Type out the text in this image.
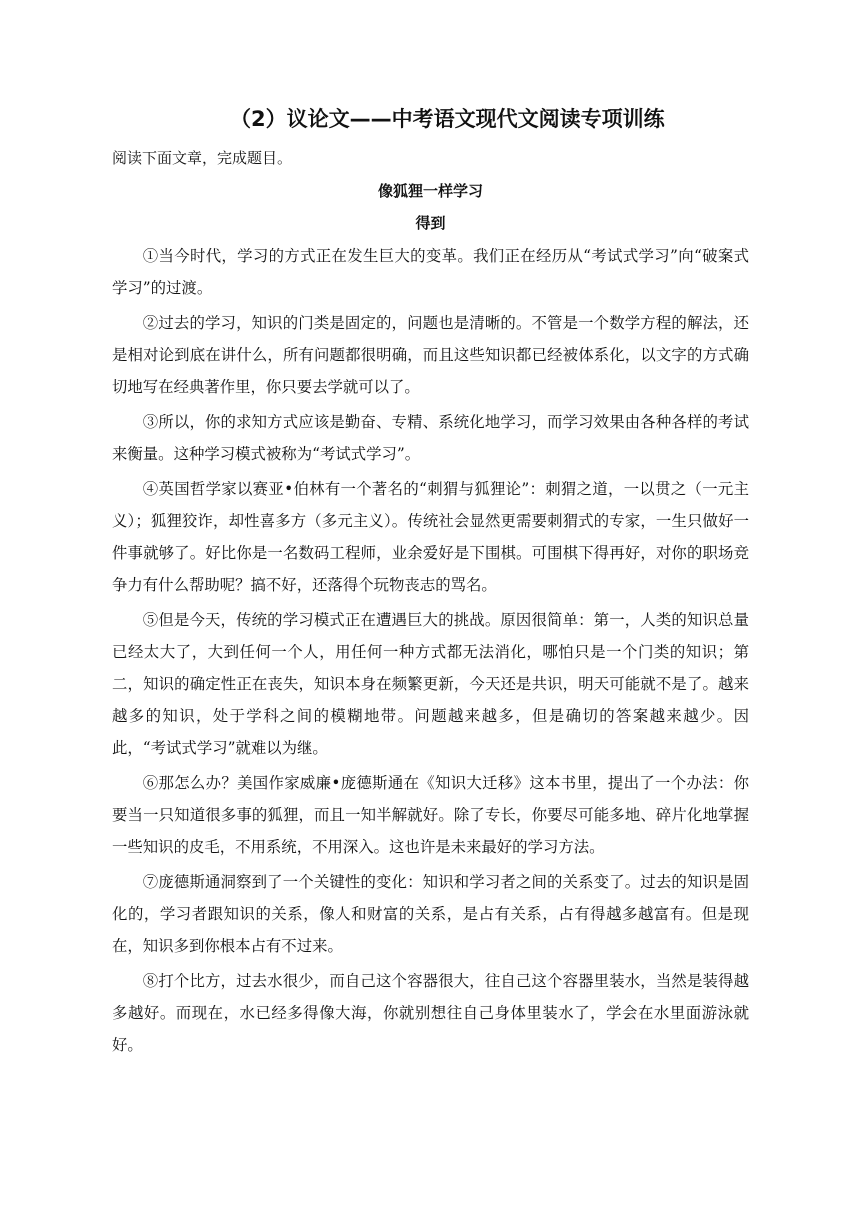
（2）议论文——中考语文现代文阅读专项训练
阅读下面文章，完成题目。
像狐狸一样学习
得到

①当今时代，学习的方式正在发生巨大的变革。我们正在经历从“考试式学习”向“破案式学习”的过渡。

②过去的学习，知识的门类是固定的，问题也是清晰的。不管是一个数学方程的解法，还是相对论到底在讲什么，所有问题都很明确，而且这些知识都已经被体系化，以文字的方式确切地写在经典著作里，你只要去学就可以了。

③所以，你的求知方式应该是勤奋、专精、系统化地学习，而学习效果由各种各样的考试来衡量。这种学习模式被称为“考试式学习”。

④英国哲学家以赛亚•伯林有一个著名的“刺猬与狐狸论”：刺猬之道，一以贯之（一元主义）；狐狸狡诈，却性喜多方（多元主义）。传统社会显然更需要刺猬式的专家，一生只做好一件事就够了。好比你是一名数码工程师，业余爱好是下围棋。可围棋下得再好，对你的职场竞争力有什么帮助呢？搞不好，还落得个玩物丧志的骂名。

⑤但是今天，传统的学习模式正在遭遇巨大的挑战。原因很简单：第一，人类的知识总量已经太大了，大到任何一个人，用任何一种方式都无法消化，哪怕只是一个门类的知识；第二，知识的确定性正在丧失，知识本身在频繁更新，今天还是共识，明天可能就不是了。越来越多的知识，处于学科之间的模糊地带。问题越来越多，但是确切的答案越来越少。因此，“考试式学习”就难以为继。

⑥那怎么办？美国作家威廉•庞德斯通在《知识大迁移》这本书里，提出了一个办法：你要当一只知道很多事的狐狸，而且一知半解就好。除了专长，你要尽可能多地、碎片化地掌握一些知识的皮毛，不用系统，不用深入。这也许是未来最好的学习方法。

⑦庞德斯通洞察到了一个关键性的变化：知识和学习者之间的关系变了。过去的知识是固化的，学习者跟知识的关系，像人和财富的关系，是占有关系，占有得越多越富有。但是现在，知识多到你根本占有不过来。

⑧打个比方，过去水很少，而自己这个容器很大，往自己这个容器里装水，当然是装得越多越好。而现在，水已经多得像大海，你就别想往自己身体里装水了，学会在水里面游泳就好。
